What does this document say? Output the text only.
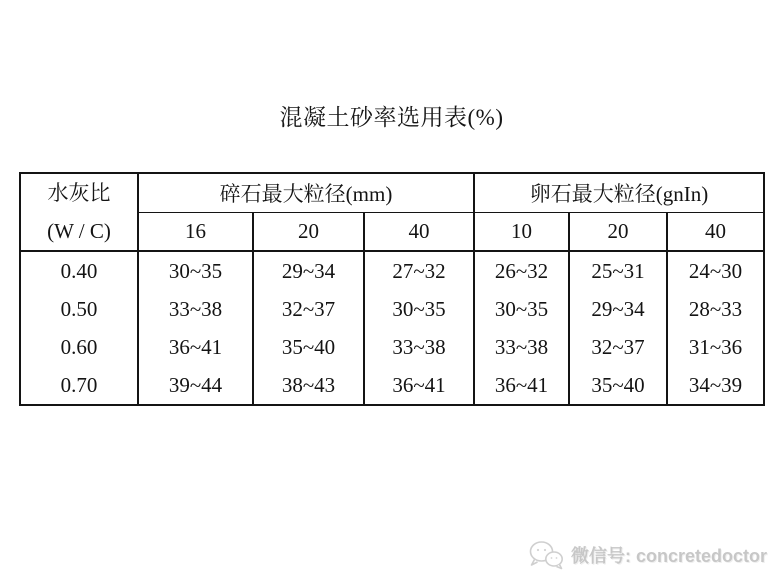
混凝土砂率选用表(%)
水灰比
(W / C)	碎石最大粒径(mm)			卵石最大粒径(gnIn)		
	16	20	40	10	20	40
0.40	30~35	29~34	27~32	26~32	25~31	24~30
0.50	33~38	32~37	30~35	30~35	29~34	28~33
0.60	36~41	35~40	33~38	33~38	32~37	31~36
0.70	39~44	38~43	36~41	36~41	35~40	34~39
微信号: concretedoctor
